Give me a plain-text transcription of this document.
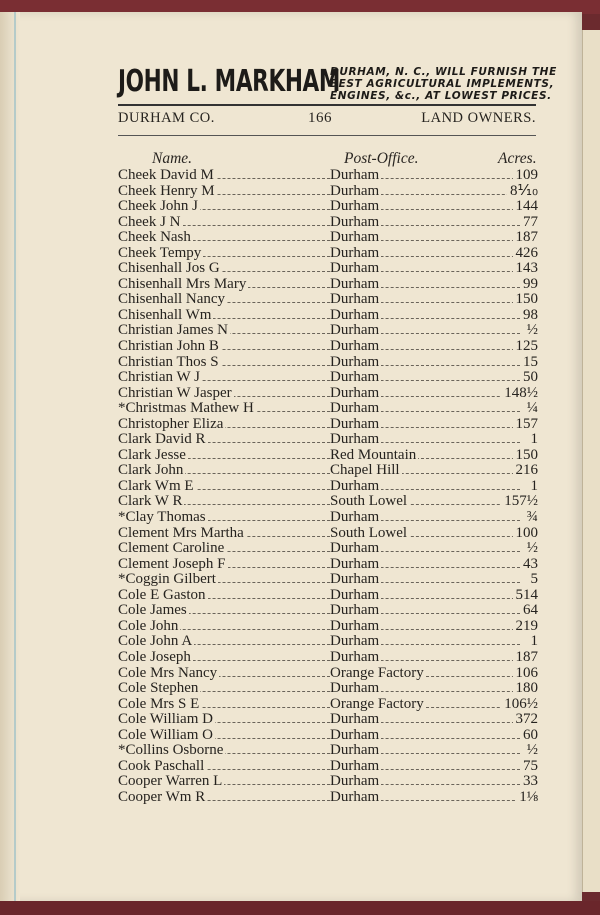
JOHN L. MARKHAM
DURHAM, N. C., WILL FURNISH THE
BEST AGRICULTURAL IMPLEMENTS,
ENGINES, &c., AT LOWEST PRICES.
DURHAM CO.	166	LAND OWNERS.
Name.	Post-Office.	Acres.
Cheek David M	Durham	109
Cheek Henry M	Durham	8⅒
Cheek John J	Durham	144
Cheek J N	Durham	77
Cheek Nash	Durham	187
Cheek Tempy	Durham	426
Chisenhall Jos G	Durham	143
Chisenhall Mrs Mary	Durham	99
Chisenhall Nancy	Durham	150
Chisenhall Wm	Durham	98
Christian James N	Durham	½
Christian John B	Durham	125
Christian Thos S	Durham	15
Christian W J	Durham	50
Christian W Jasper	Durham	148½
*Christmas Mathew H	Durham	¼
Christopher Eliza	Durham	157
Clark David R	Durham	1
Clark Jesse	Red Mountain	150
Clark John	Chapel Hill	216
Clark Wm E	Durham	1
Clark W R	South Lowel	157½
*Clay Thomas	Durham	¾
Clement Mrs Martha	South Lowel	100
Clement Caroline	Durham	½
Clement Joseph F	Durham	43
*Coggin Gilbert	Durham	5
Cole E Gaston	Durham	514
Cole James	Durham	64
Cole John	Durham	219
Cole John A	Durham	1
Cole Joseph	Durham	187
Cole Mrs Nancy	Orange Factory	106
Cole Stephen	Durham	180
Cole Mrs S E	Orange Factory	106½
Cole William D	Durham	372
Cole William O	Durham	60
*Collins Osborne	Durham	½
Cook Paschall	Durham	75
Cooper Warren L	Durham	33
Cooper Wm R	Durham	1⅛
